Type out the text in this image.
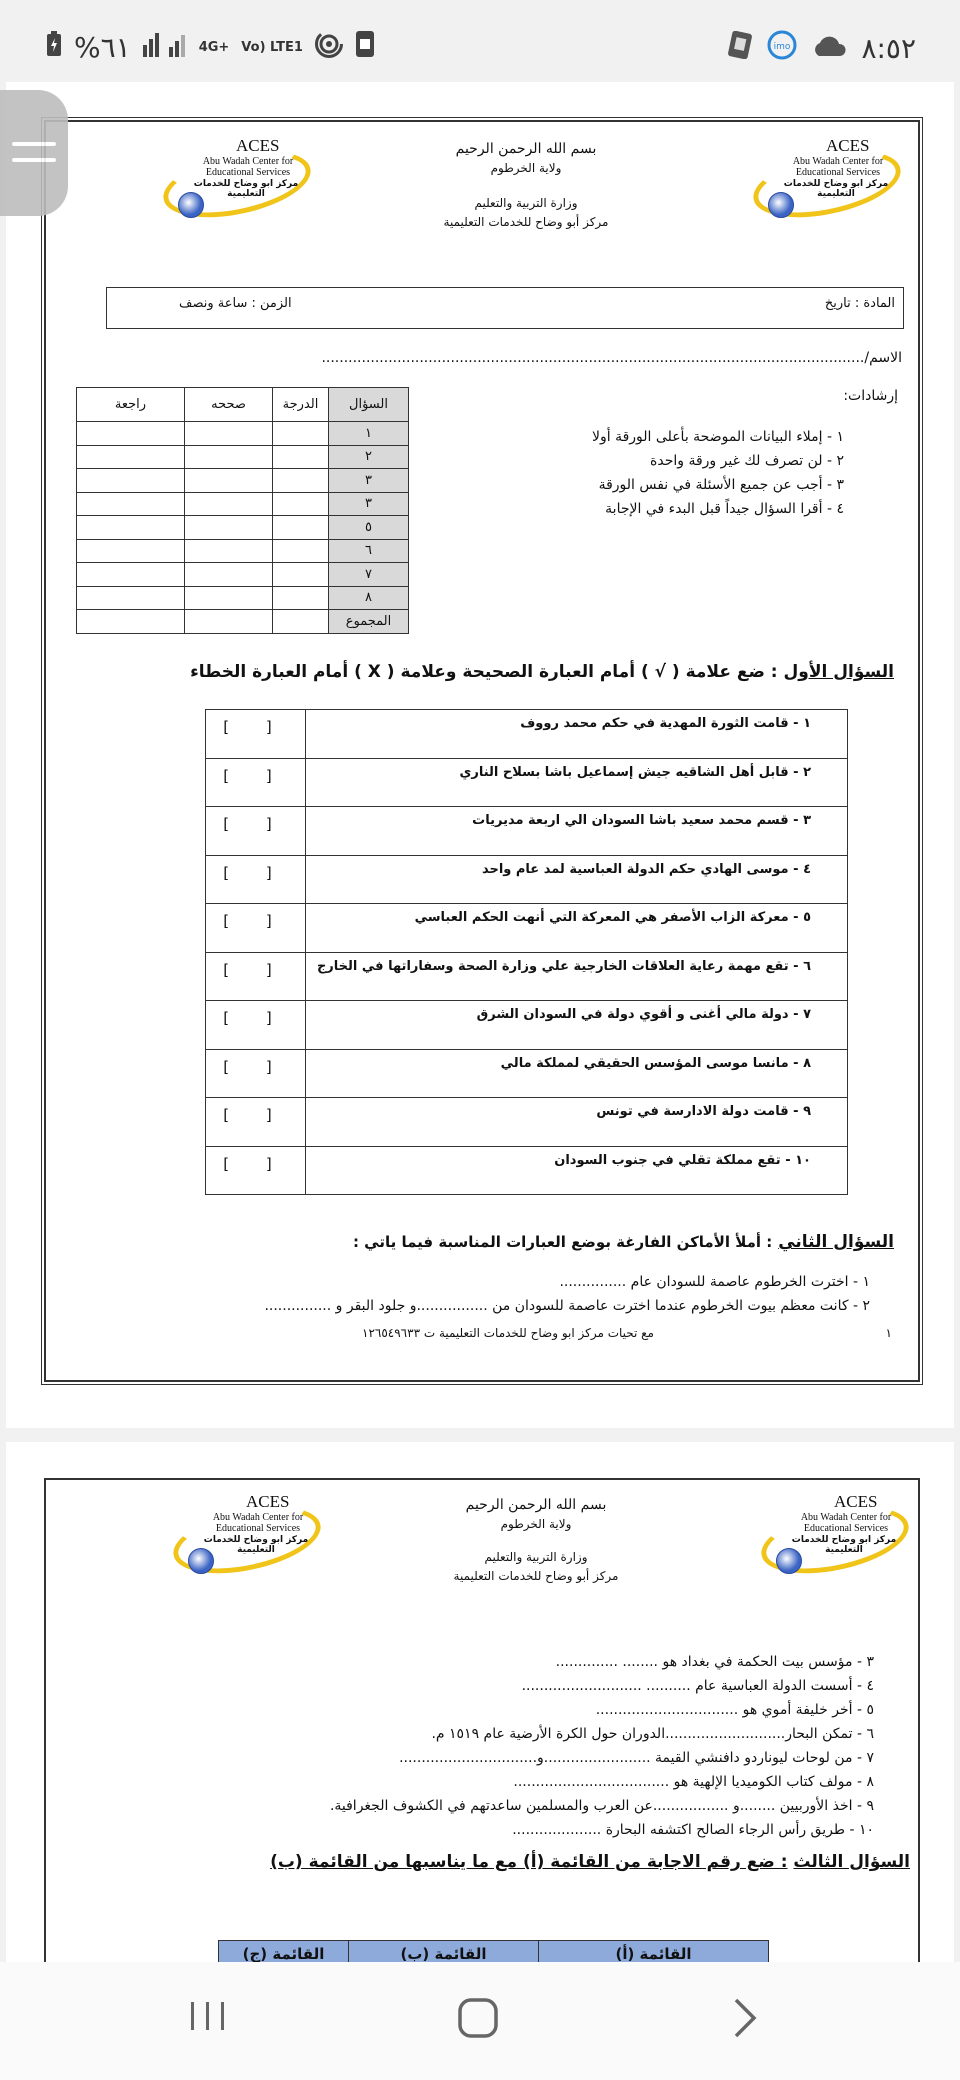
%٦١	4G+ Vo) LTE1	imo	٨:٥٢
ACES
Abu Wadah Center for Educational Services
مركز ابو وضاح للخدمات التعليمية
ACES
Abu Wadah Center for Educational Services
مركز ابو وضاح للخدمات التعليمية
بسم الله الرحمن الرحيم
ولاية الخرطوم
وزارة التربية والتعليم
مركز أبو وضاح للخدمات التعليمية
المادة : تاريخ
الزمن : ساعة ونصف
الاسم/..........................................................................................................................
إرشادات:
١ - إملاء البيانات الموضحة بأعلى الورقة أولا
٢ - لن تصرف لك غير ورقة واحدة
٣ - أجب عن جميع الأسئلة في نفس الورقة
٤ - أقرا السؤال جيداً قبل البدء في الإجابة
السؤال	الدرجة	صححه	راجعة
١			
٢			
٣			
٣			
٥			
٦			
٧			
٨			
المجموع			
السؤال الأول : ضع علامة ( √ ) أمام العبارة الصحيحة وعلامة ( X ) أمام العبارة الخطاء
١ - قامت الثورة المهدية في حكم محمد رووف	[ ]
٢ - قابل أهل الشاقيه جيش إسماعيل باشا بسلاح الناري	[ ]
٣ - قسم محمد سعيد باشا السودان الي اربعة مديريات	[ ]
٤ - موسى الهادي حكم الدولة العباسية لمد عام واحد	[ ]
٥ - معركة الزاب الأصفر هي المعركة التي أنهت الحكم العباسي	[ ]
٦ - تقع مهمة رعاية العلاقات الخارجية علي وزارة الصحة وسفاراتها في الخارج	[ ]
٧ - دولة مالي أغنى و أقوي دولة في السودان الشرق	[ ]
٨ - مانسا موسى المؤسس الحقيقي لمملكة مالي	[ ]
٩ - قامت دولة الادارسة في تونس	[ ]
١٠ - تقع مملكة تقلي في جنوب السودان	[ ]
السؤال الثاني : أملأ الأماكن الفارغة بوضع العبارات المناسبة فيما ياتي :
١ - اخترت الخرطوم عاصمة للسودان عام ...............
٢ - كانت معظم بيوت الخرطوم عندما اخترت عاصمة للسودان من ................و جلود البقر و ...............
مع تحيات مركز ابو وضاح للخدمات التعليمية ت ١٢٦٥٤٩٦٣٣	١
ACES
Abu Wadah Center for Educational Services
مركز ابو وضاح للخدمات التعليمية
ACES
Abu Wadah Center for Educational Services
مركز ابو وضاح للخدمات التعليمية
بسم الله الرحمن الرحيم
ولاية الخرطوم
وزارة التربية والتعليم
مركز أبو وضاح للخدمات التعليمية
٣ - مؤسس بيت الحكمة في بغداد هو ........ ..............
٤ - أسست الدولة العباسية عام .......... ...........................
٥ - أخر خليفة أموي هو ................................
٦ - تمكن البحار...........................الدوران حول الكرة الأرضية عام ١٥١٩ م.
٧ - من لوحات ليوناردو دافنشي القيمة ........................و...............................
٨ - مولف كتاب الكوميديا الإلهية هو ...................................
٩ - اخذ الأوربيين ........و .................عن العرب والمسلمين ساعدتهم في الكشوف الجغرافية.
١٠ - طريق رأس الرجاء الصالح اكتشفه البحارة ....................
السؤال الثالث : ضع رقم الاجابة من القائمة (أ) مع ما يناسبها من القائمة (ب)
القائمة (أ)	القائمة (ب)	القائمة (ج)
